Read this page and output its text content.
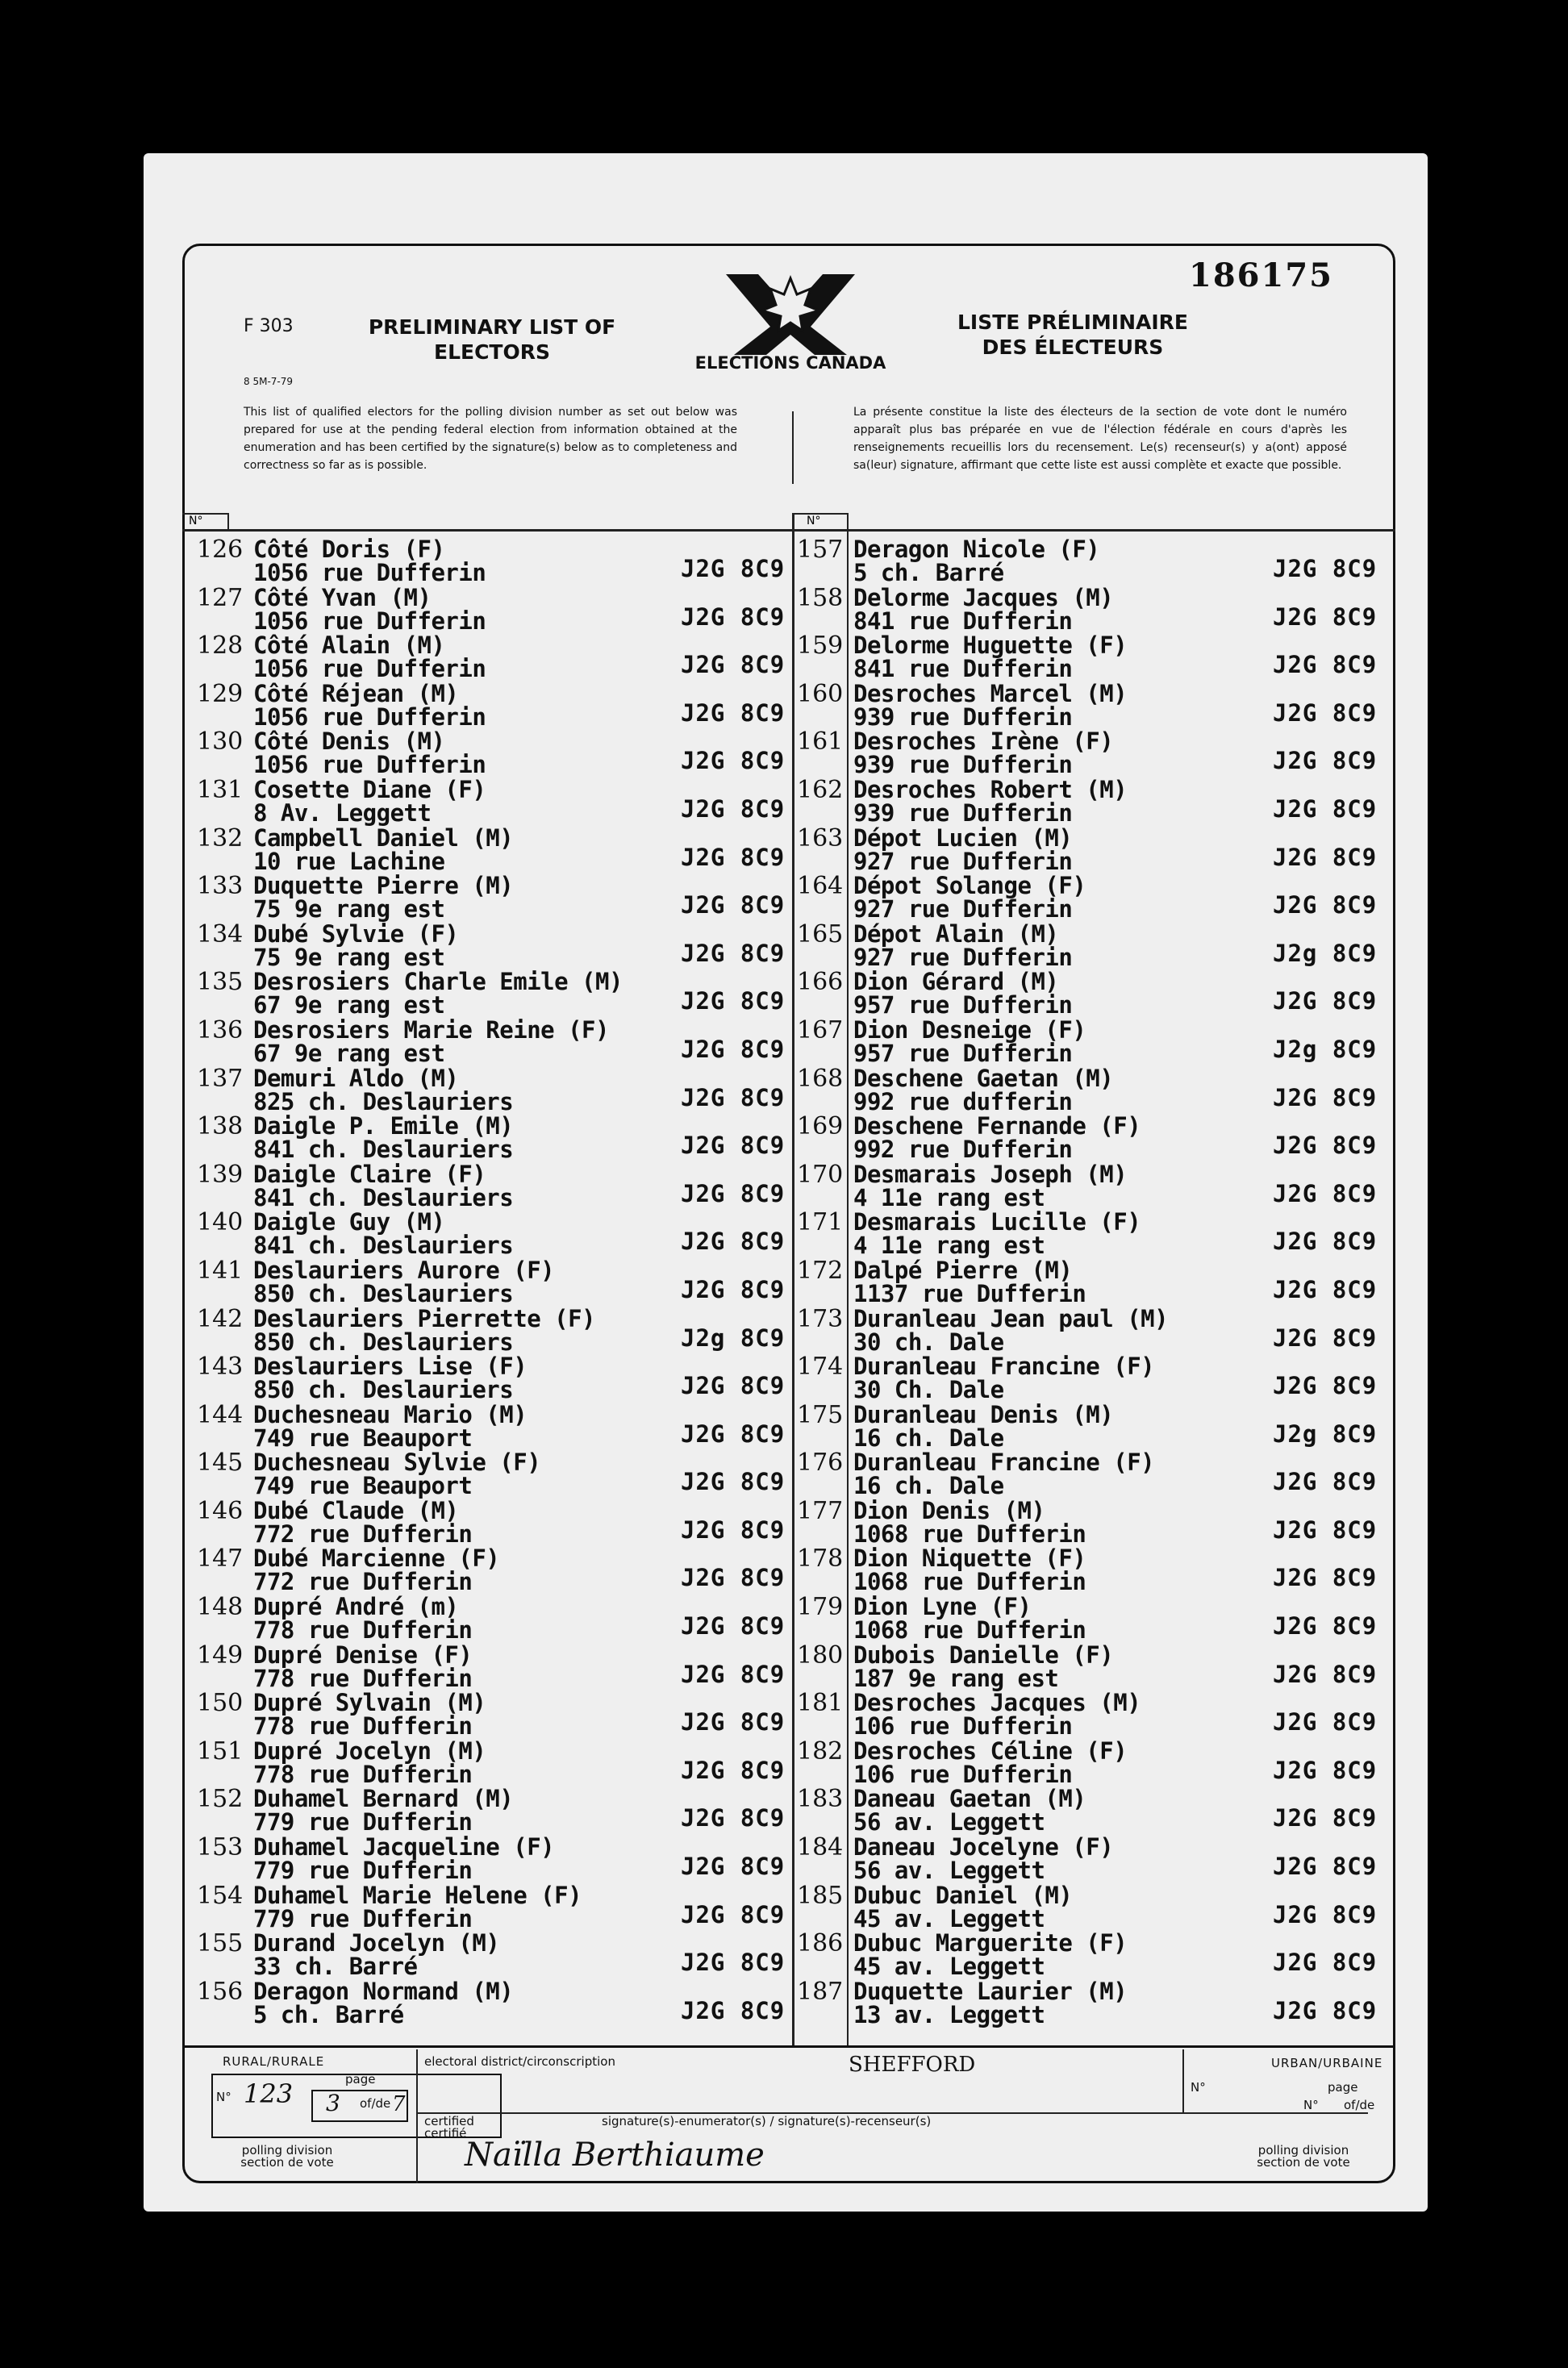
186175
F 303
8 5M-7-79
PRELIMINARY LIST OF ELECTORS
LISTE PRÉLIMINAIRE DES ÉLECTEURS
ELECTIONS CANADA
This list of qualified electors for the polling division number as set out below was prepared for use at the pending federal election from information obtained at the enumeration and has been certified by the signature(s) below as to completeness and correctness so far as is possible.
La présente constitue la liste des électeurs de la section de vote dont le numéro apparaît plus bas préparée en vue de l'élection fédérale en cours d'après les renseignements recueillis lors du recensement. Le(s) recenseur(s) y a(ont) apposé sa(leur) signature, affirmant que cette liste est aussi complète et exacte que possible.
N°	N°
126 Côté Doris (F)
1056 rue Dufferin	J2G 8C9
127 Côté Yvan (M)
1056 rue Dufferin	J2G 8C9
128 Côté Alain (M)
1056 rue Dufferin	J2G 8C9
129 Côté Réjean (M)
1056 rue Dufferin	J2G 8C9
130 Côté Denis (M)
1056 rue Dufferin	J2G 8C9
131 Cosette Diane (F)
8 Av. Leggett	J2G 8C9
132 Campbell Daniel (M)
10 rue Lachine	J2G 8C9
133 Duquette Pierre (M)
75 9e rang est	J2G 8C9
134 Dubé Sylvie (F)
75 9e rang est	J2G 8C9
135 Desrosiers Charle Emile (M)
67 9e rang est	J2G 8C9
136 Desrosiers Marie Reine (F)
67 9e rang est	J2G 8C9
137 Demuri Aldo (M)
825 ch. Deslauriers	J2G 8C9
138 Daigle P. Emile (M)
841 ch. Deslauriers	J2G 8C9
139 Daigle Claire (F)
841 ch. Deslauriers	J2G 8C9
140 Daigle Guy (M)
841 ch. Deslauriers	J2G 8C9
141 Deslauriers Aurore (F)
850 ch. Deslauriers	J2G 8C9
142 Deslauriers Pierrette (F)
850 ch. Deslauriers	J2g 8C9
143 Deslauriers Lise (F)
850 ch. Deslauriers	J2G 8C9
144 Duchesneau Mario (M)
749 rue Beauport	J2G 8C9
145 Duchesneau Sylvie (F)
749 rue Beauport	J2G 8C9
146 Dubé Claude (M)
772 rue Dufferin	J2G 8C9
147 Dubé Marcienne (F)
772 rue Dufferin	J2G 8C9
148 Dupré André (m)
778 rue Dufferin	J2G 8C9
149 Dupré Denise (F)
778 rue Dufferin	J2G 8C9
150 Dupré Sylvain (M)
778 rue Dufferin	J2G 8C9
151 Dupré Jocelyn (M)
778 rue Dufferin	J2G 8C9
152 Duhamel Bernard (M)
779 rue Dufferin	J2G 8C9
153 Duhamel Jacqueline (F)
779 rue Dufferin	J2G 8C9
154 Duhamel Marie Helene (F)
779 rue Dufferin	J2G 8C9
155 Durand Jocelyn (M)
33 ch. Barré	J2G 8C9
156 Deragon Normand (M)
5 ch. Barré	J2G 8C9
157 Deragon Nicole (F)
5 ch. Barré	J2G 8C9
158 Delorme Jacques (M)
841 rue Dufferin	J2G 8C9
159 Delorme Huguette (F)
841 rue Dufferin	J2G 8C9
160 Desroches Marcel (M)
939 rue Dufferin	J2G 8C9
161 Desroches Irène (F)
939 rue Dufferin	J2G 8C9
162 Desroches Robert (M)
939 rue Dufferin	J2G 8C9
163 Dépot Lucien (M)
927 rue Dufferin	J2G 8C9
164 Dépot Solange (F)
927 rue Dufferin	J2G 8C9
165 Dépot Alain (M)
927 rue Dufferin	J2g 8C9
166 Dion Gérard (M)
957 rue Dufferin	J2G 8C9
167 Dion Desneige (F)
957 rue Dufferin	J2g 8C9
168 Deschene Gaetan (M)
992 rue dufferin	J2G 8C9
169 Deschene Fernande (F)
992 rue Dufferin	J2G 8C9
170 Desmarais Joseph (M)
4 11e rang est	J2G 8C9
171 Desmarais Lucille (F)
4 11e rang est	J2G 8C9
172 Dalpé Pierre (M)
1137 rue Dufferin	J2G 8C9
173 Duranleau Jean paul (M)
30 ch. Dale	J2G 8C9
174 Duranleau Francine (F)
30 Ch. Dale	J2G 8C9
175 Duranleau Denis (M)
16 ch. Dale	J2g 8C9
176 Duranleau Francine (F)
16 ch. Dale	J2G 8C9
177 Dion Denis (M)
1068 rue Dufferin	J2G 8C9
178 Dion Niquette (F)
1068 rue Dufferin	J2G 8C9
179 Dion Lyne (F)
1068 rue Dufferin	J2G 8C9
180 Dubois Danielle (F)
187 9e rang est	J2G 8C9
181 Desroches Jacques (M)
106 rue Dufferin	J2G 8C9
182 Desroches Céline (F)
106 rue Dufferin	J2G 8C9
183 Daneau Gaetan (M)
56 av. Leggett	J2G 8C9
184 Daneau Jocelyne (F)
56 av. Leggett	J2G 8C9
185 Dubuc Daniel (M)
45 av. Leggett	J2G 8C9
186 Dubuc Marguerite (F)
45 av. Leggett	J2G 8C9
187 Duquette Laurier (M)
13 av. Leggett	J2G 8C9
RURAL/RURALE
N° 123	page
3 of/de 7
polling division section de vote
electoral district/circonscription	SHEFFORD
certified certifié
signature(s)-enumerator(s) / signature(s)-recenseur(s)
Naïlla Berthiaume
URBAN/URBAINE
N°	page
N° of/de
polling division section de vote
